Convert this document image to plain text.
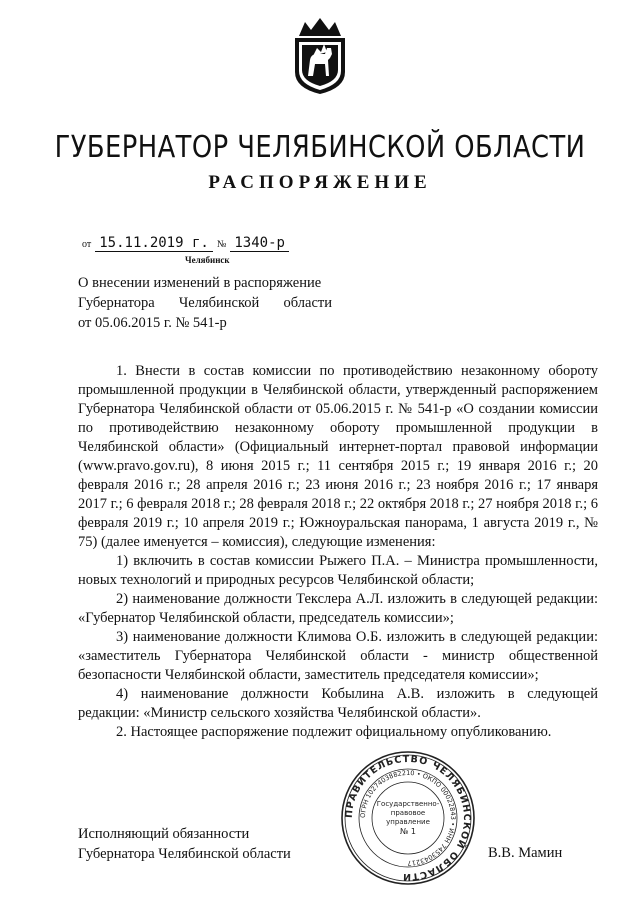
ГУБЕРНАТОР ЧЕЛЯБИНСКОЙ ОБЛАСТИ
РАСПОРЯЖЕНИЕ
от 15.11.2019 г. № 1340-р
Челябинск
О внесении изменений в распоряжение
Губернатора Челябинской области
от 05.06.2015 г. № 541-р

1. Внести в состав комиссии по противодействию незаконному обороту промышленной продукции в Челябинской области, утвержденный распоряжением Губернатора Челябинской области от 05.06.2015 г. № 541-р «О создании комиссии по противодействию незаконному обороту промышленной продукции в Челябинской области» (Официальный интернет-портал правовой информации (www.pravo.gov.ru), 8 июня 2015 г.; 11 сентября 2015 г.; 19 января 2016 г.; 20 февраля 2016 г.; 28 апреля 2016 г.; 23 июня 2016 г.; 23 ноября 2016 г.; 17 января 2017 г.; 6 февраля 2018 г.; 28 февраля 2018 г.; 22 октября 2018 г.; 27 ноября 2018 г.; 6 февраля 2019 г.; 10 апреля 2019 г.; Южноуральская панорама, 1 августа 2019 г., № 75) (далее именуется – комиссия), следующие изменения:

1) включить в состав комиссии Рыжего П.А. – Министра промышленности, новых технологий и природных ресурсов Челябинской области;

2) наименование должности Текслера А.Л. изложить в следующей редакции: «Губернатор Челябинской области, председатель комиссии»;

3) наименование должности Климова О.Б. изложить в следующей редакции: «заместитель Губернатора Челябинской области - министр общественной безопасности Челябинской области, заместитель председателя комиссии»;

4) наименование должности Кобылина А.В. изложить в следующей редакции: «Министр сельского хозяйства Челябинской области».

2. Настоящее распоряжение подлежит официальному опубликованию.

ПРАВИТЕЛЬСТВО ЧЕЛЯБИНСКОЙ ОБЛАСТИ
ОГРН 1027403882210 • ОКПО 00022843 • ИНН 7453043217
Государственно-
правовое
управление
№ 1
Исполняющий обязанности
Губернатора Челябинской области	В.В. Мамин
